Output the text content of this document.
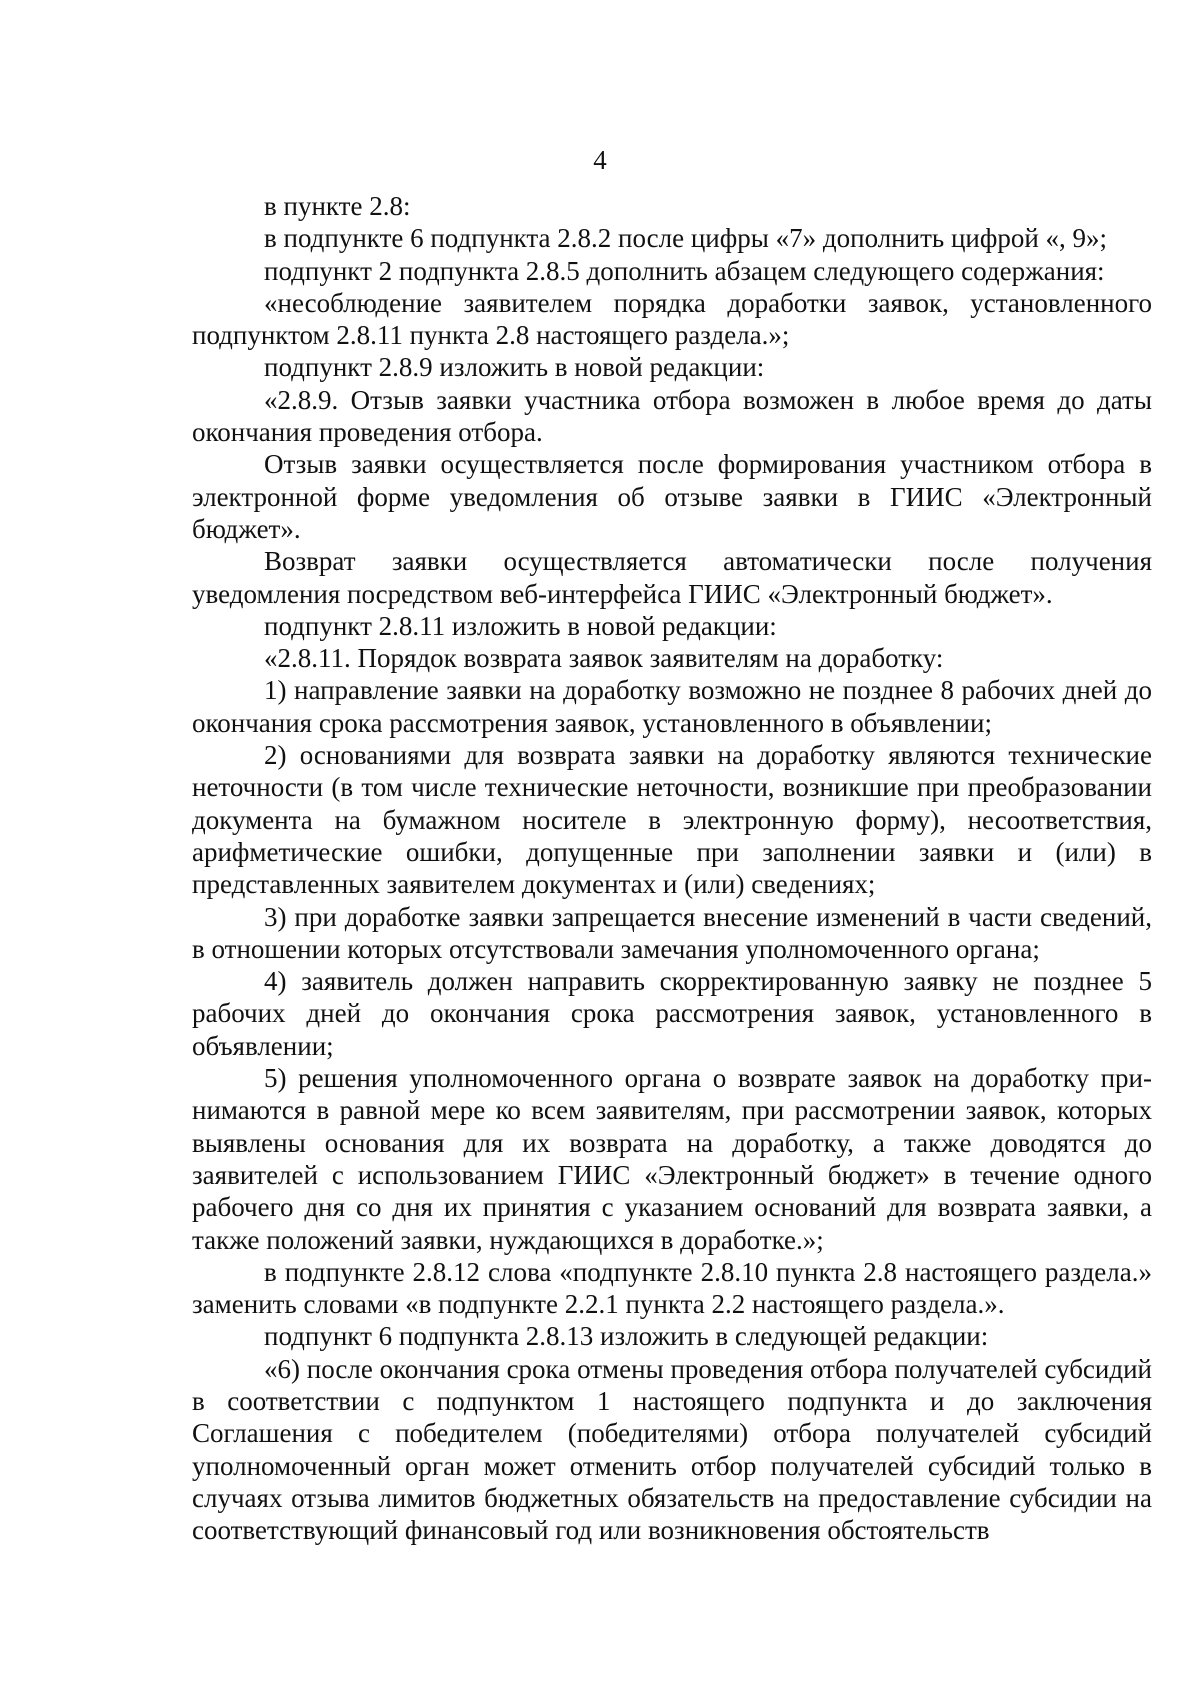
4

в пункте 2.8:

в подпункте 6 подпункта 2.8.2 после цифры «7» дополнить цифрой «, 9»;

подпункт 2 подпункта 2.8.5 дополнить абзацем следующего содержания:

«несоблюдение заявителем порядка доработки заявок, установленного подпунктом 2.8.11 пункта 2.8 настоящего раздела.»;

подпункт 2.8.9 изложить в новой редакции:

«2.8.9. Отзыв заявки участника отбора возможен в любое время до даты окончания проведения отбора.

Отзыв заявки осуществляется после формирования участником отбора в электронной форме уведомления об отзыве заявки в ГИИС «Электронный бюджет».

Возврат заявки осуществляется автоматически после получения уведомления посредством веб-интерфейса ГИИС «Электронный бюджет».

подпункт 2.8.11 изложить в новой редакции:

«2.8.11. Порядок возврата заявок заявителям на доработку:

1) направление заявки на доработку возможно не позднее 8 рабочих дней до окончания срока рассмотрения заявок, установленного в объявлении;

2) основаниями для возврата заявки на доработку являются технические неточности (в том числе технические неточности, возникшие при преобразовании документа на бумажном носителе в электронную форму), несоответствия, арифметические ошибки, допущенные при заполнении заявки и (или) в представленных заявителем документах и (или) сведениях;

3) при доработке заявки запрещается внесение изменений в части сведений, в отношении которых отсутствовали замечания уполномоченного органа;

4) заявитель должен направить скорректированную заявку не позднее 5 рабочих дней до окончания срока рассмотрения заявок, установленного в объявлении;

5) решения уполномоченного органа о возврате заявок на доработку принимаются в равной мере ко всем заявителям, при рассмотрении заявок, которых выявлены основания для их возврата на доработку, а также доводятся до заявителей с использованием ГИИС «Электронный бюджет» в течение одного рабочего дня со дня их принятия с указанием оснований для возврата заявки, а также положений заявки, нуждающихся в доработке.»;

в подпункте 2.8.12 слова «подпункте 2.8.10 пункта 2.8 настоящего раздела.» заменить словами «в подпункте 2.2.1 пункта 2.2 настоящего раздела.».

подпункт 6 подпункта 2.8.13 изложить в следующей редакции:

«6) после окончания срока отмены проведения отбора получателей субсидий в соответствии с подпунктом 1 настоящего подпункта и до заключения Соглашения с победителем (победителями) отбора получателей субсидий уполномоченный орган может отменить отбор получателей субсидий только в случаях отзыва лимитов бюджетных обязательств на предоставление субсидии на соответствующий финансовый год или возникновения обстоятельств
